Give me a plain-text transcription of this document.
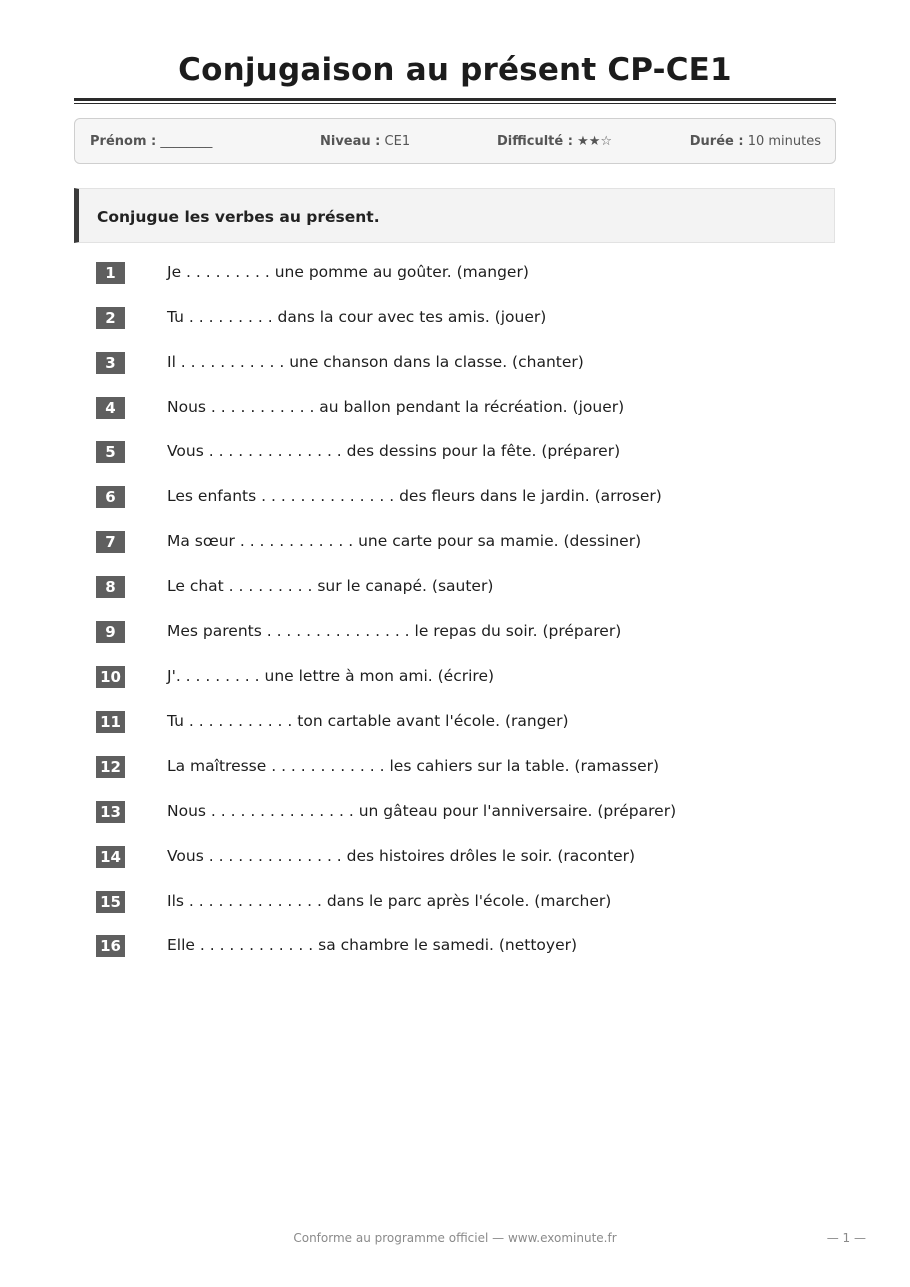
Conjugaison au présent CP-CE1
Prénom : ________	Niveau : CE1	Difficulté : ★★☆	Durée : 10 minutes
Conjugue les verbes au présent.
1	Je . . . . . . . . . une pomme au goûter. (manger)
2	Tu . . . . . . . . . dans la cour avec tes amis. (jouer)
3	Il . . . . . . . . . . . une chanson dans la classe. (chanter)
4	Nous . . . . . . . . . . . au ballon pendant la récréation. (jouer)
5	Vous . . . . . . . . . . . . . . des dessins pour la fête. (préparer)
6	Les enfants . . . . . . . . . . . . . . des fleurs dans le jardin. (arroser)
7	Ma sœur . . . . . . . . . . . . une carte pour sa mamie. (dessiner)
8	Le chat . . . . . . . . . sur le canapé. (sauter)
9	Mes parents . . . . . . . . . . . . . . . le repas du soir. (préparer)
10	J'. . . . . . . . . une lettre à mon ami. (écrire)
11	Tu . . . . . . . . . . . ton cartable avant l'école. (ranger)
12	La maîtresse . . . . . . . . . . . . les cahiers sur la table. (ramasser)
13	Nous . . . . . . . . . . . . . . . un gâteau pour l'anniversaire. (préparer)
14	Vous . . . . . . . . . . . . . . des histoires drôles le soir. (raconter)
15	Ils . . . . . . . . . . . . . . dans le parc après l'école. (marcher)
16	Elle . . . . . . . . . . . . sa chambre le samedi. (nettoyer)
Conforme au programme officiel — www.exominute.fr	— 1 —
